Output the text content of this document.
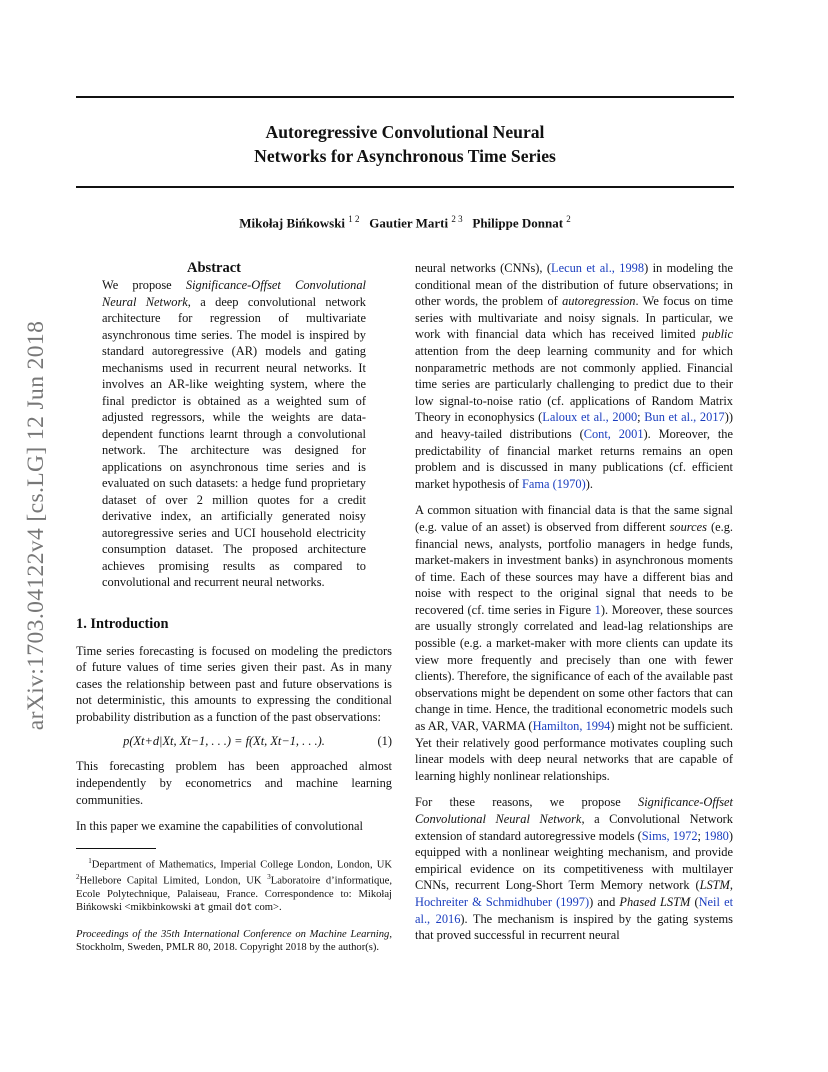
Autoregressive Convolutional Neural
Networks for Asynchronous Time Series
Mikołaj Bińkowski $^{1 2}$ Gautier Marti $^{2 3}$ Philippe Donnat $^2$
arXiv:1703.04122v4 [cs.LG] 12 Jun 2018
Abstract

We propose Significance-Offset Convolutional Neural Network, a deep convolutional network architecture for regression of multivariate asynchronous time series. The model is inspired by standard autoregressive (AR) models and gating mechanisms used in recurrent neural networks. It involves an AR-like weighting system, where the final predictor is obtained as a weighted sum of adjusted regressors, while the weights are data-dependent functions learnt through a convolutional network. The architecture was designed for applications on asynchronous time series and is evaluated on such datasets: a hedge fund proprietary dataset of over 2 million quotes for a credit derivative index, an artificially generated noisy autoregressive series and UCI household electricity consumption dataset. The proposed architecture achieves promising results as compared to convolutional and recurrent neural networks.

1. Introduction

Time series forecasting is focused on modeling the predictors of future values of time series given their past. As in many cases the relationship between past and future observations is not deterministic, this amounts to expressing the conditional probability distribution as a function of the past observations:

p(Xt+d|Xt, Xt−1, . . .) = f(Xt, Xt−1, . . .).	(1)

This forecasting problem has been approached almost independently by econometrics and machine learning communities.

In this paper we examine the capabilities of convolutional

$^1$Department of Mathematics, Imperial College London, London, UK $^2$Hellebore Capital Limited, London, UK $^3$Laboratoire d’informatique, Ecole Polytechnique, Palaiseau, France. Correspondence to: Mikołaj Bińkowski <mikbinkowski at gmail dot com>.

Proceedings of the 35th International Conference on Machine Learning, Stockholm, Sweden, PMLR 80, 2018. Copyright 2018 by the author(s).

neural networks (CNNs), (Lecun et al., 1998) in modeling the conditional mean of the distribution of future observations; in other words, the problem of autoregression. We focus on time series with multivariate and noisy signals. In particular, we work with financial data which has received limited public attention from the deep learning community and for which nonparametric methods are not commonly applied. Financial time series are particularly challenging to predict due to their low signal-to-noise ratio (cf. applications of Random Matrix Theory in econophysics (Laloux et al., 2000; Bun et al., 2017)) and heavy-tailed distributions (Cont, 2001). Moreover, the predictability of financial market returns remains an open problem and is discussed in many publications (cf. efficient market hypothesis of Fama (1970)).

A common situation with financial data is that the same signal (e.g. value of an asset) is observed from different sources (e.g. financial news, analysts, portfolio managers in hedge funds, market-makers in investment banks) in asynchronous moments of time. Each of these sources may have a different bias and noise with respect to the original signal that needs to be recovered (cf. time series in Figure 1). Moreover, these sources are usually strongly correlated and lead-lag relationships are possible (e.g. a market-maker with more clients can update its view more frequently and precisely than one with fewer clients). Therefore, the significance of each of the available past observations might be dependent on some other factors that can change in time. Hence, the traditional econometric models such as AR, VAR, VARMA (Hamilton, 1994) might not be sufficient. Yet their relatively good performance motivates coupling such linear models with deep neural networks that are capable of learning highly nonlinear relationships.

For these reasons, we propose Significance-Offset Convolutional Neural Network, a Convolutional Network extension of standard autoregressive models (Sims, 1972; 1980) equipped with a nonlinear weighting mechanism, and provide empirical evidence on its competitiveness with multilayer CNNs, recurrent Long-Short Term Memory network (LSTM, Hochreiter & Schmidhuber (1997)) and Phased LSTM (Neil et al., 2016). The mechanism is inspired by the gating systems that proved successful in recurrent neural
